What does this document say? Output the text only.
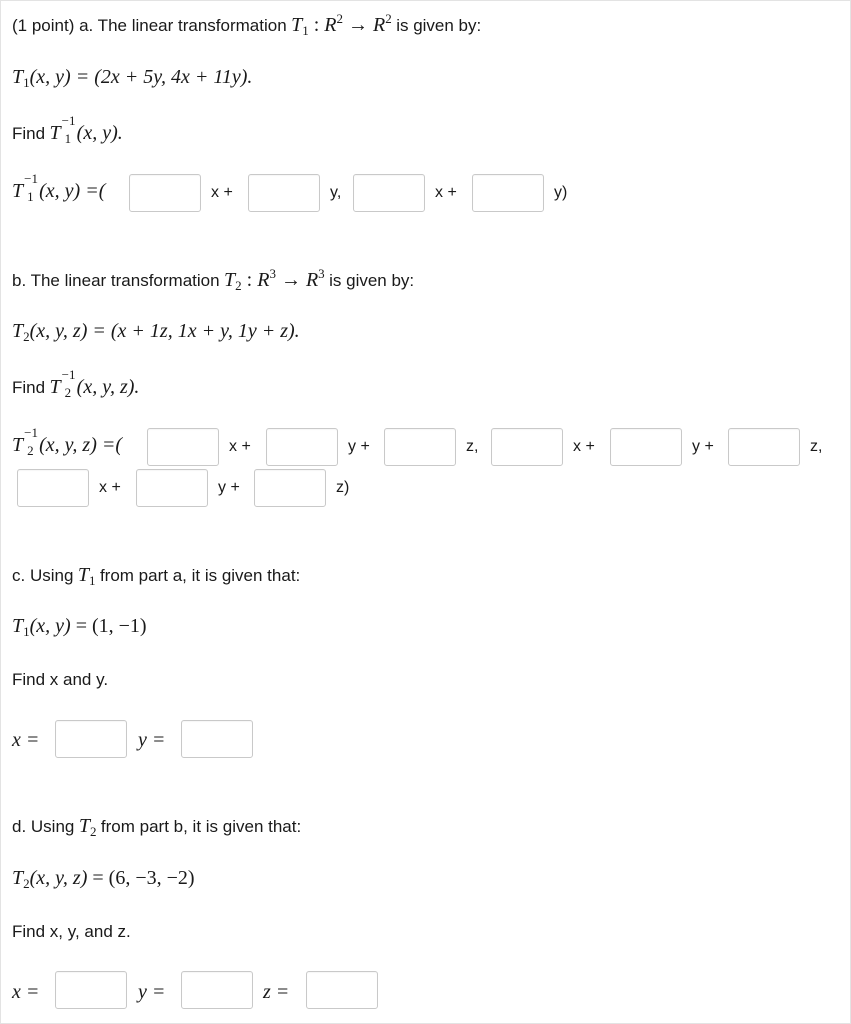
(1 point) a. The linear transformation $T_1$ : $R^2 \to R^2$ is given by:
$T_1(x$, y) = (2x + 5y, 4x + 11y).
Find T
−1
1 (x, y).
T
−1
1 (x, y) =(	x +	y,	x +	y)
b. The linear transformation $T_2$ : $R^3 \to R^3$ is given by:
$T_2(x$, y, z) = (x + 1z, 1x + y, 1y + z).
Find T
−1
2 (x, y, z).
T
−1
2 (x, y, z) =(	x +	y +	z,	x +	y +	z,
x +	y +	z)
c. Using $T_1$ from part a, it is given that:
$T_1(x$, y) = (1, −1)
Find x and y.
x =	y =
d. Using $T_2$ from part b, it is given that:
$T_2(x$, y, z) = (6, −3, −2)
Find x, y, and z.
x =	y =	z =
